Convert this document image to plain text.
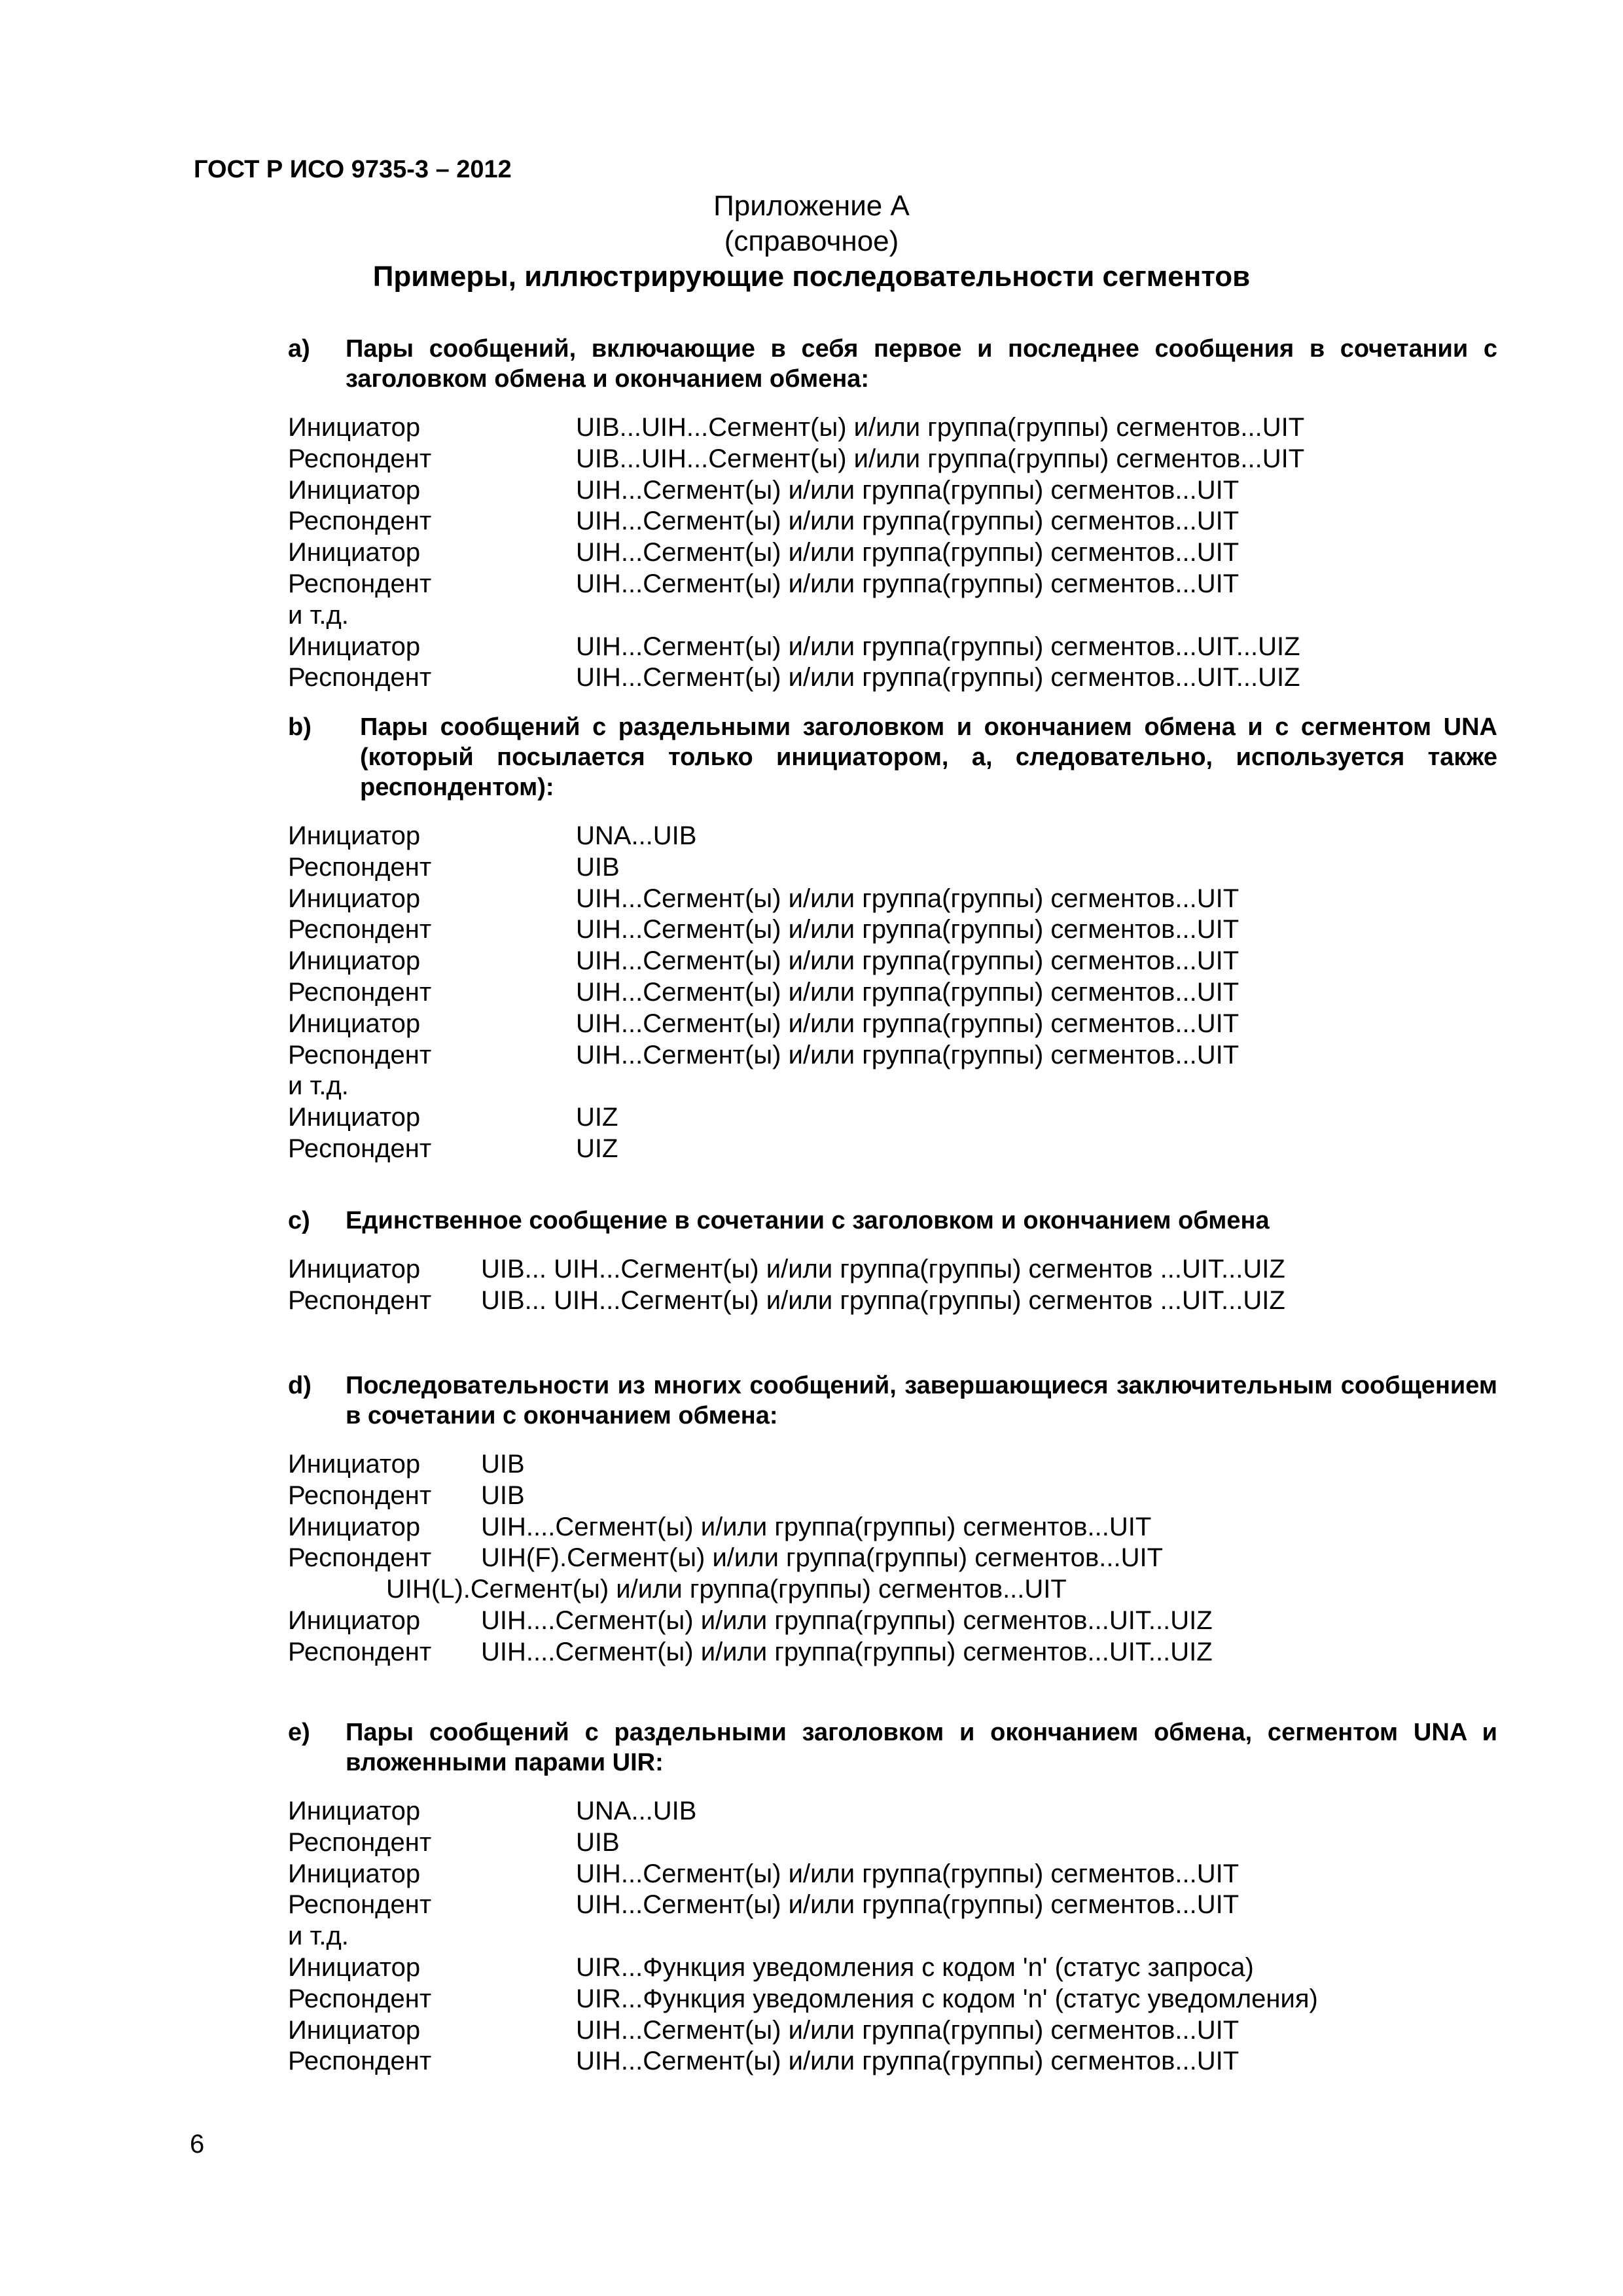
ГОСТ Р ИСО 9735-3 – 2012
Приложение А
(справочное)
Примеры, иллюстрирующие последовательности сегментов
a)	Пары сообщений, включающие в себя первое и последнее сообщения в сочетании с заголовком обмена и окончанием обмена:
Инициатор	UIB...UIH...Сегмент(ы) и/или группа(группы) сегментов...UIT
Респондент	UIB...UIH...Сегмент(ы) и/или группа(группы) сегментов...UIT
Инициатор	UIH...Сегмент(ы) и/или группа(группы) сегментов...UIT
Респондент	UIH...Сегмент(ы) и/или группа(группы) сегментов...UIT
Инициатор	UIH...Сегмент(ы) и/или группа(группы) сегментов...UIT
Респондент	UIH...Сегмент(ы) и/или группа(группы) сегментов...UIT
и т.д.
Инициатор	UIH...Сегмент(ы) и/или группа(группы) сегментов...UIT...UIZ
Респондент	UIH...Сегмент(ы) и/или группа(группы) сегментов...UIT...UIZ
b)	Пары сообщений с раздельными заголовком и окончанием обмена и с сегментом UNA (который посылается только инициатором, а, следовательно, используется также респондентом):
Инициатор	UNA...UIB
Респондент	UIB
Инициатор	UIH...Сегмент(ы) и/или группа(группы) сегментов...UIT
Респондент	UIH...Сегмент(ы) и/или группа(группы) сегментов...UIT
Инициатор	UIH...Сегмент(ы) и/или группа(группы) сегментов...UIT
Респондент	UIH...Сегмент(ы) и/или группа(группы) сегментов...UIT
Инициатор	UIH...Сегмент(ы) и/или группа(группы) сегментов...UIT
Респондент	UIH...Сегмент(ы) и/или группа(группы) сегментов...UIT
и т.д.
Инициатор	UIZ
Респондент	UIZ
c)	Единственное сообщение в сочетании с заголовком и окончанием обмена
Инициатор	UIB... UIH...Сегмент(ы) и/или группа(группы) сегментов ...UIT...UIZ
Респондент	UIB... UIH...Сегмент(ы) и/или группа(группы) сегментов ...UIT...UIZ
d)	Последовательности из многих сообщений, завершающиеся заключительным сообщением в сочетании с окончанием обмена:
Инициатор	UIB
Респондент	UIB
Инициатор	UIH....Сегмент(ы) и/или группа(группы) сегментов...UIT
Респондент	UIH(F).Сегмент(ы) и/или группа(группы) сегментов...UIT
UIH(L).Сегмент(ы) и/или группа(группы) сегментов...UIT
Инициатор	UIH....Сегмент(ы) и/или группа(группы) сегментов...UIT...UIZ
Респондент	UIH....Сегмент(ы) и/или группа(группы) сегментов...UIT...UIZ
e)	Пары сообщений с раздельными заголовком и окончанием обмена, сегментом UNA и вложенными парами UIR:
Инициатор	UNA...UIB
Респондент	UIB
Инициатор	UIH...Сегмент(ы) и/или группа(группы) сегментов...UIT
Респондент	UIH...Сегмент(ы) и/или группа(группы) сегментов...UIT
и т.д.
Инициатор	UIR...Функция уведомления с кодом 'n' (статус запроса)
Респондент	UIR...Функция уведомления с кодом 'n' (статус уведомления)
Инициатор	UIH...Сегмент(ы) и/или группа(группы) сегментов...UIT
Респондент	UIH...Сегмент(ы) и/или группа(группы) сегментов...UIT
6
